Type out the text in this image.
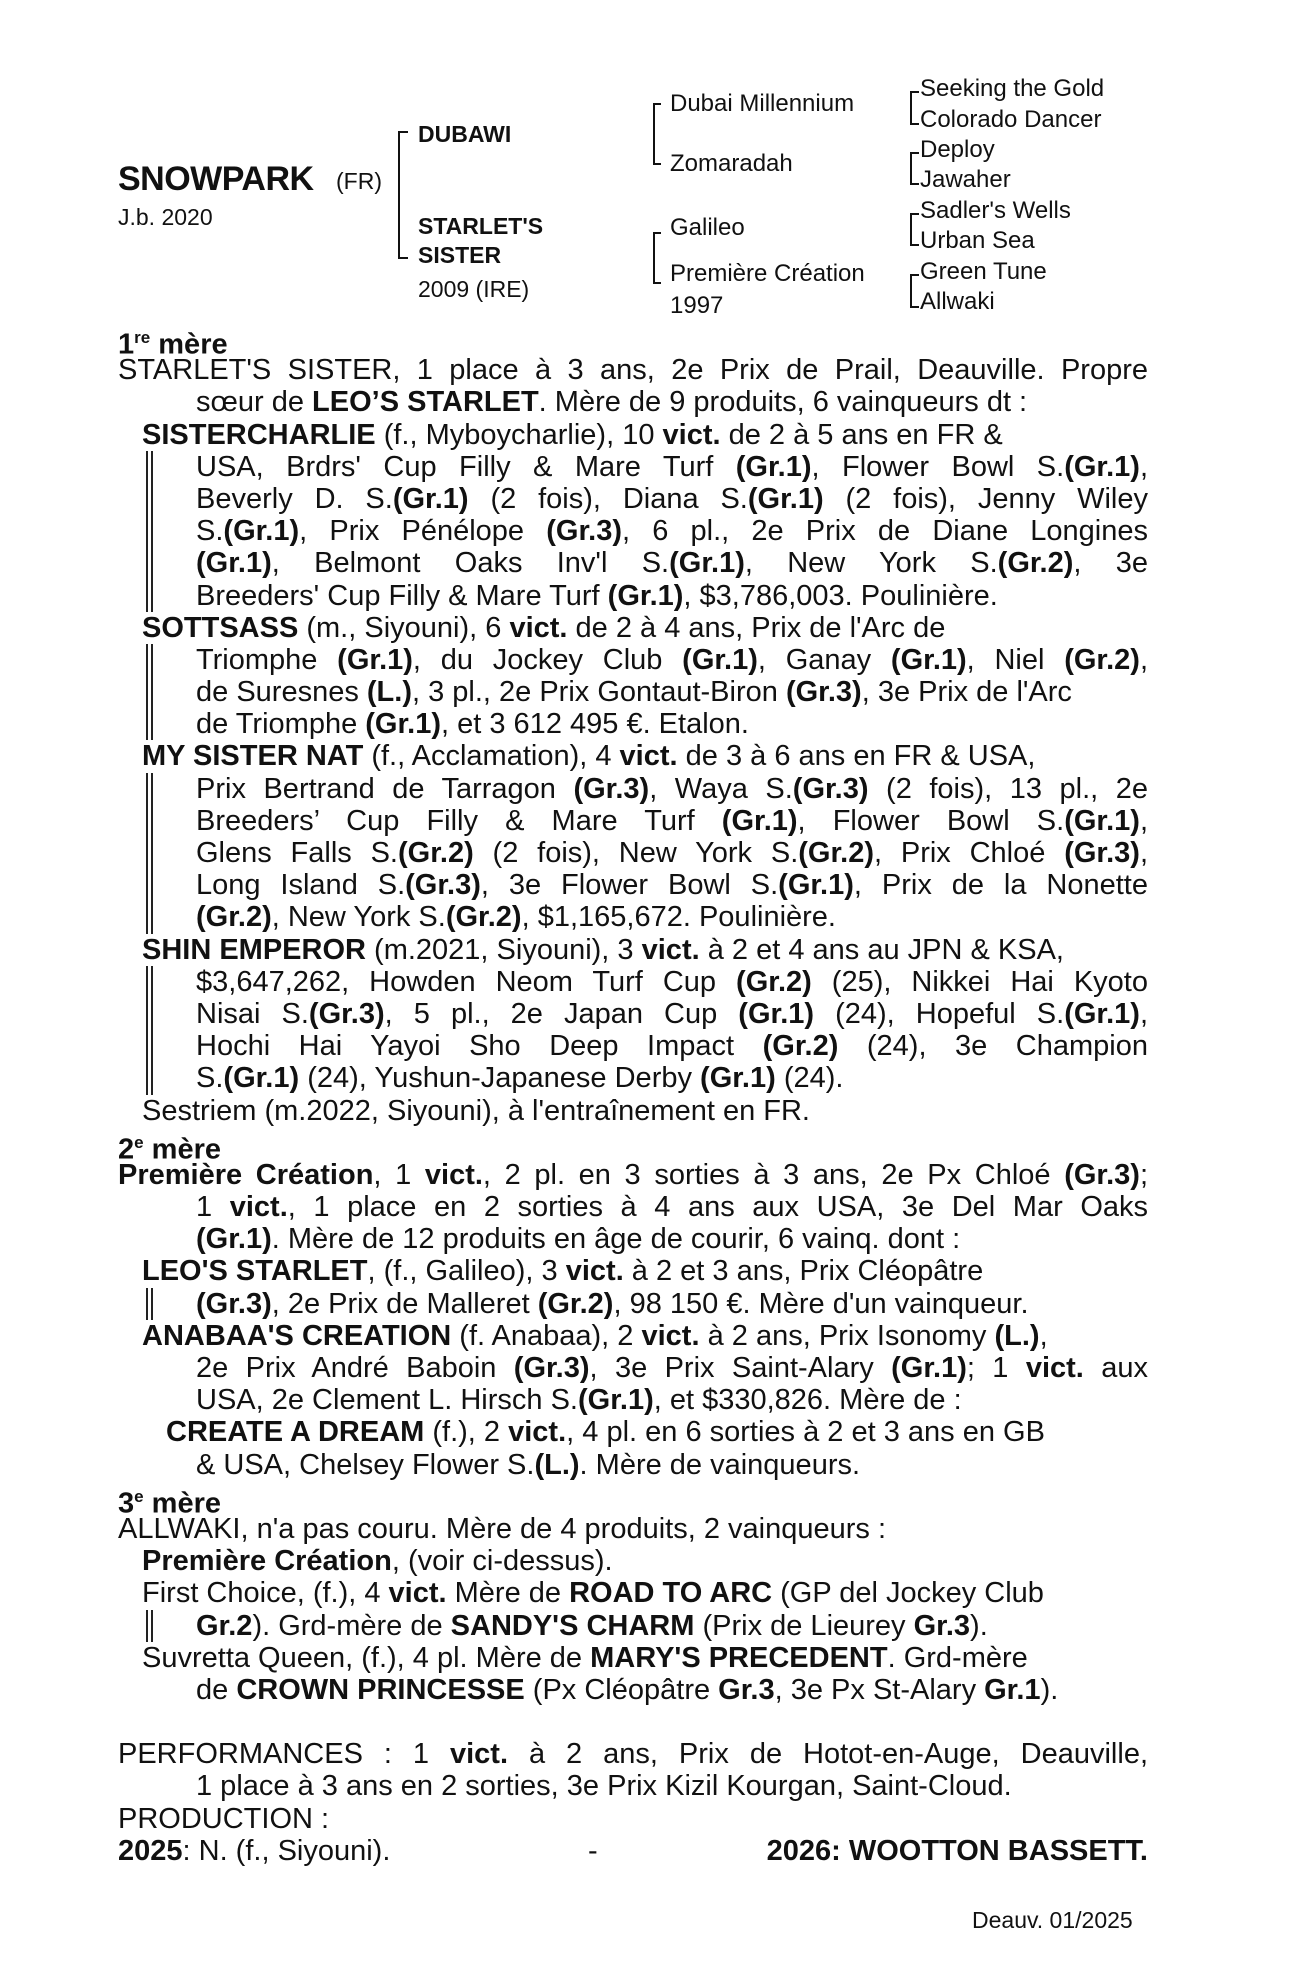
SNOWPARK (FR)
J.b. 2020
DUBAWI
STARLET'S
SISTER
2009 (IRE)
Dubai Millennium
Zomaradah
Galileo
Première Création
1997
Seeking the Gold
Colorado Dancer
Deploy
Jawaher
Sadler's Wells
Urban Sea
Green Tune
Allwaki
1re mère
STARLET'S SISTER, 1 place à 3 ans, 2e Prix de Prail, Deauville. Propre
sœur de LEO’S STARLET. Mère de 9 produits, 6 vainqueurs dt :
SISTERCHARLIE (f., Myboycharlie), 10 vict. de 2 à 5 ans en FR &
USA, Brdrs' Cup Filly & Mare Turf (Gr.1), Flower Bowl S.(Gr.1),
Beverly D. S.(Gr.1) (2 fois), Diana S.(Gr.1) (2 fois), Jenny Wiley
S.(Gr.1), Prix Pénélope (Gr.3), 6 pl., 2e Prix de Diane Longines
(Gr.1), Belmont Oaks Inv'l S.(Gr.1), New York S.(Gr.2), 3e
Breeders' Cup Filly & Mare Turf (Gr.1), $3,786,003. Poulinière.
SOTTSASS (m., Siyouni), 6 vict. de 2 à 4 ans, Prix de l'Arc de
Triomphe (Gr.1), du Jockey Club (Gr.1), Ganay (Gr.1), Niel (Gr.2),
de Suresnes (L.), 3 pl., 2e Prix Gontaut-Biron (Gr.3), 3e Prix de l'Arc
de Triomphe (Gr.1), et 3 612 495 €. Etalon.
MY SISTER NAT (f., Acclamation), 4 vict. de 3 à 6 ans en FR & USA,
Prix Bertrand de Tarragon (Gr.3), Waya S.(Gr.3) (2 fois), 13 pl., 2e
Breeders’ Cup Filly & Mare Turf (Gr.1), Flower Bowl S.(Gr.1),
Glens Falls S.(Gr.2) (2 fois), New York S.(Gr.2), Prix Chloé (Gr.3),
Long Island S.(Gr.3), 3e Flower Bowl S.(Gr.1), Prix de la Nonette
(Gr.2), New York S.(Gr.2), $1,165,672. Poulinière.
SHIN EMPEROR (m.2021, Siyouni), 3 vict. à 2 et 4 ans au JPN & KSA,
$3,647,262, Howden Neom Turf Cup (Gr.2) (25), Nikkei Hai Kyoto
Nisai S.(Gr.3), 5 pl., 2e Japan Cup (Gr.1) (24), Hopeful S.(Gr.1),
Hochi Hai Yayoi Sho Deep Impact (Gr.2) (24), 3e Champion
S.(Gr.1) (24), Yushun-Japanese Derby (Gr.1) (24).
Sestriem (m.2022, Siyouni), à l'entraînement en FR.
2e mère
Première Création, 1 vict., 2 pl. en 3 sorties à 3 ans, 2e Px Chloé (Gr.3);
1 vict., 1 place en 2 sorties à 4 ans aux USA, 3e Del Mar Oaks
(Gr.1). Mère de 12 produits en âge de courir, 6 vainq. dont :
LEO'S STARLET, (f., Galileo), 3 vict. à 2 et 3 ans, Prix Cléopâtre
(Gr.3), 2e Prix de Malleret (Gr.2), 98 150 €. Mère d'un vainqueur.
ANABAA'S CREATION (f. Anabaa), 2 vict. à 2 ans, Prix Isonomy (L.),
2e Prix André Baboin (Gr.3), 3e Prix Saint-Alary (Gr.1); 1 vict. aux
USA, 2e Clement L. Hirsch S.(Gr.1), et $330,826. Mère de :
CREATE A DREAM (f.), 2 vict., 4 pl. en 6 sorties à 2 et 3 ans en GB
& USA, Chelsey Flower S.(L.). Mère de vainqueurs.
3e mère
ALLWAKI, n'a pas couru. Mère de 4 produits, 2 vainqueurs :
Première Création, (voir ci-dessus).
First Choice, (f.), 4 vict. Mère de ROAD TO ARC (GP del Jockey Club
Gr.2). Grd-mère de SANDY'S CHARM (Prix de Lieurey Gr.3).
Suvretta Queen, (f.), 4 pl. Mère de MARY'S PRECEDENT. Grd-mère
de CROWN PRINCESSE (Px Cléopâtre Gr.3, 3e Px St-Alary Gr.1).
PERFORMANCES : 1 vict. à 2 ans, Prix de Hotot-en-Auge, Deauville,
1 place à 3 ans en 2 sorties, 3e Prix Kizil Kourgan, Saint-Cloud.
PRODUCTION :
2025: N. (f., Siyouni).	-	2026: WOOTTON BASSETT.
Deauv. 01/2025
